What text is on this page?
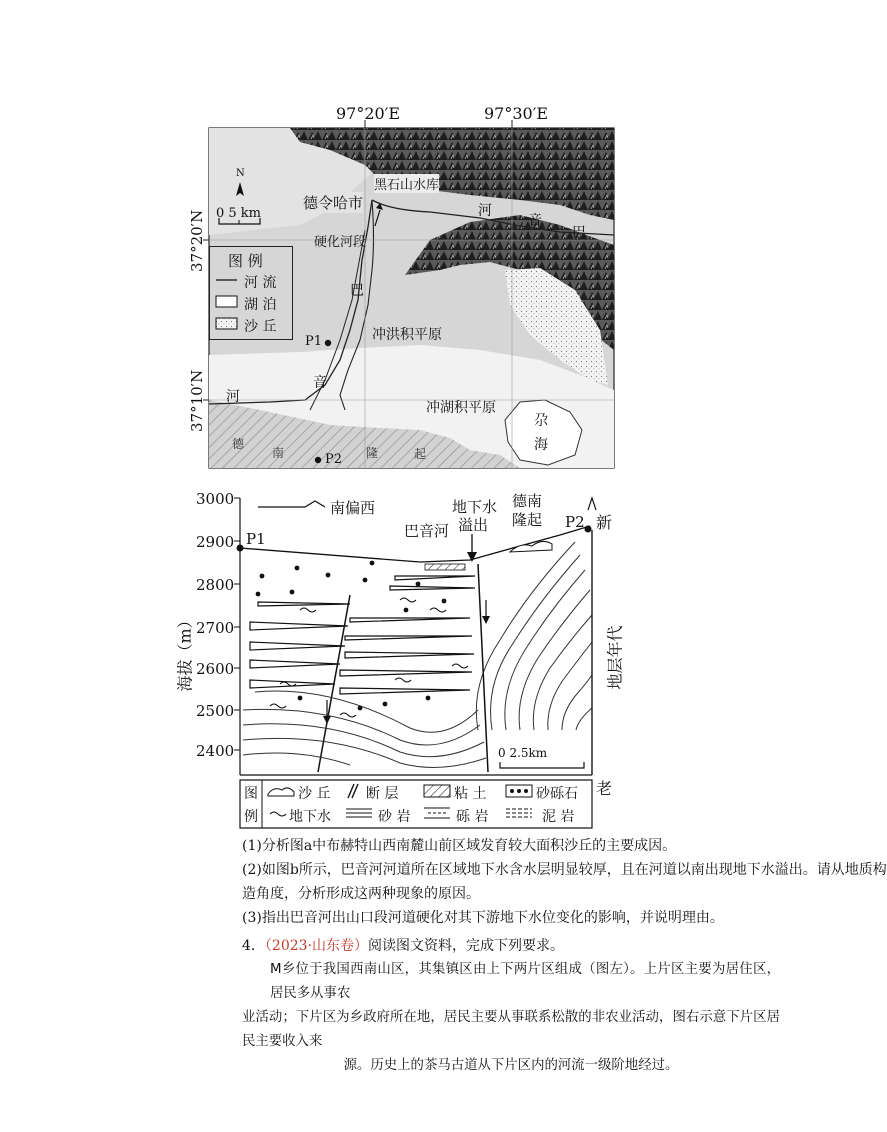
97°20′E	97°30′E
37°20′N
37°10′N
N
0 5 km
德令哈市
黑石山水库
硬化河段
河
音
巴
巴
音
河
冲洪积平原
冲湖积平原
尕
海
德
南	隆	起
P1
P2
图 例
河 流
湖 泊
沙 丘
3000
2900
2800
2700
2600
2500
2400
海拔（m）
南偏西
P1
P2
巴音河
地下水
溢出
德南
隆起	新
老
地层年代
0 2.5km
图
例
沙 丘	断 层	粘 土	砂砾石
地下水	砂 岩	砾 岩	泥 岩
(1)分析图a中布赫特山西南麓山前区域发育较大面积沙丘的主要成因。
(2)如图b所示，巴音河河道所在区域地下水含水层明显较厚，且在河道以南出现地下水溢出。请从地质构
造角度，分析形成这两种现象的原因。
(3)指出巴音河出山口段河道硬化对其下游地下水位变化的影响，并说明理由。
4．（2023·山东卷）阅读图文资料，完成下列要求。
M乡位于我国西南山区，其集镇区由上下两片区组成（图左）。上片区主要为居住区，居民多从事农
业活动；下片区为乡政府所在地，居民主要从事联系松散的非农业活动，图右示意下片区居民主要收入来
源。历史上的茶马古道从下片区内的河流一级阶地经过。
